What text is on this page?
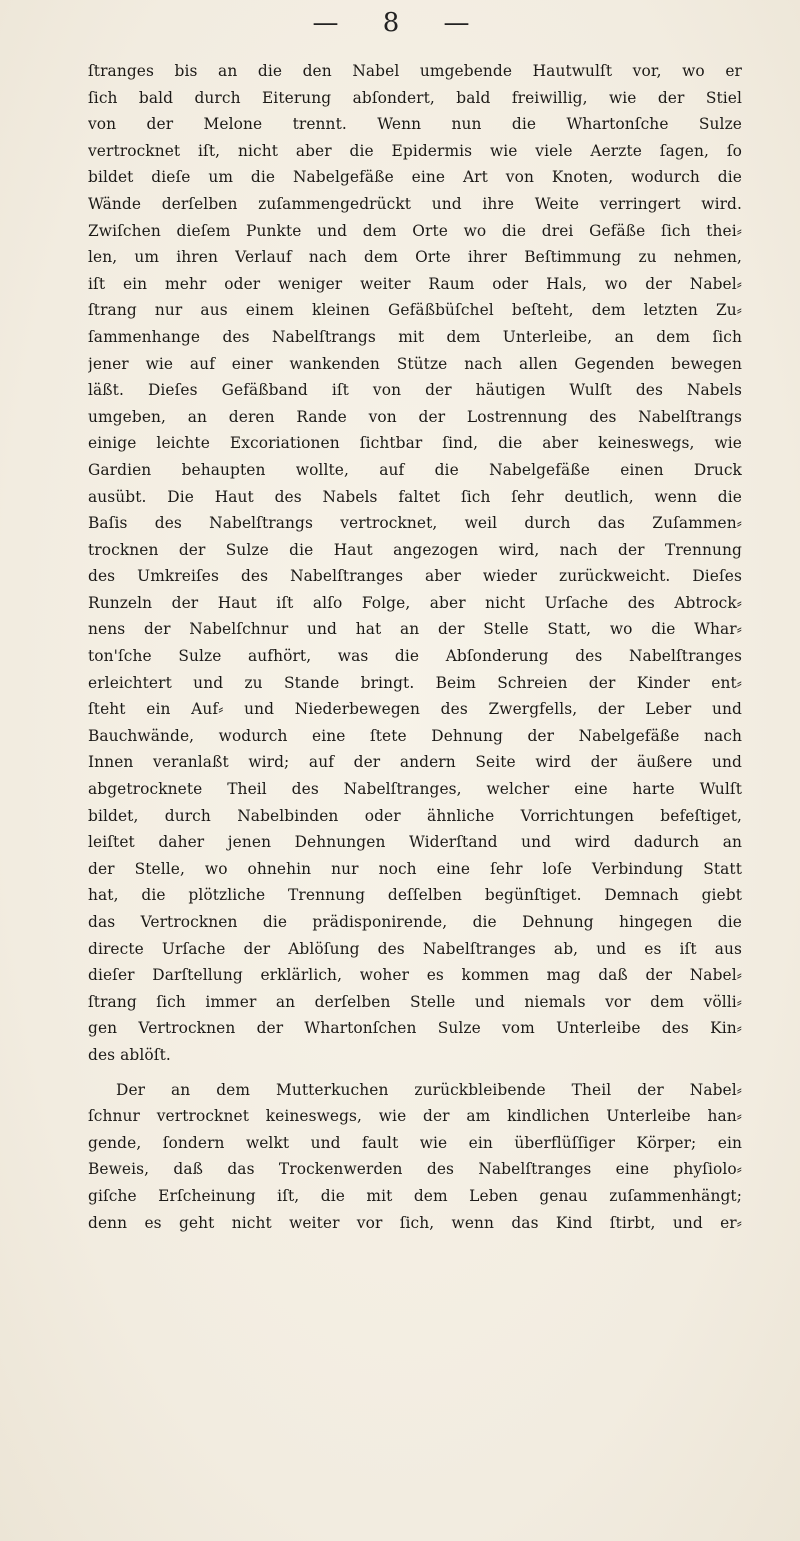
— 8 —
ſtranges bis an die den Nabel umgebende Hautwulſt vor, wo er
ſich bald durch Eiterung abſondert, bald freiwillig, wie der Stiel
von der Melone trennt. Wenn nun die Whartonſche Sulze
vertrocknet iſt, nicht aber die Epidermis wie viele Aerzte ſagen, ſo
bildet dieſe um die Nabelgefäße eine Art von Knoten, wodurch die
Wände derſelben zuſammengedrückt und ihre Weite verringert wird.
Zwiſchen dieſem Punkte und dem Orte wo die drei Gefäße ſich thei⸗
len, um ihren Verlauf nach dem Orte ihrer Beſtimmung zu nehmen,
iſt ein mehr oder weniger weiter Raum oder Hals, wo der Nabel⸗
ſtrang nur aus einem kleinen Gefäßbüſchel beſteht, dem letzten Zu⸗
ſammenhange des Nabelſtrangs mit dem Unterleibe, an dem ſich
jener wie auf einer wankenden Stütze nach allen Gegenden bewegen
läßt. Dieſes Gefäßband iſt von der häutigen Wulſt des Nabels
umgeben, an deren Rande von der Lostrennung des Nabelſtrangs
einige leichte Excoriationen ſichtbar ſind, die aber keineswegs, wie
Gardien behaupten wollte, auf die Nabelgefäße einen Druck
ausübt. Die Haut des Nabels faltet ſich ſehr deutlich, wenn die
Baſis des Nabelſtrangs vertrocknet, weil durch das Zuſammen⸗
trocknen der Sulze die Haut angezogen wird, nach der Trennung
des Umkreiſes des Nabelſtranges aber wieder zurückweicht. Dieſes
Runzeln der Haut iſt alſo Folge, aber nicht Urſache des Abtrock⸗
nens der Nabelſchnur und hat an der Stelle Statt, wo die Whar⸗
ton'ſche Sulze aufhört, was die Abſonderung des Nabelſtranges
erleichtert und zu Stande bringt. Beim Schreien der Kinder ent⸗
ſteht ein Auf⸗ und Niederbewegen des Zwergfells, der Leber und
Bauchwände, wodurch eine ſtete Dehnung der Nabelgefäße nach
Innen veranlaßt wird; auf der andern Seite wird der äußere und
abgetrocknete Theil des Nabelſtranges, welcher eine harte Wulſt
bildet, durch Nabelbinden oder ähnliche Vorrichtungen befeſtiget,
leiſtet daher jenen Dehnungen Widerſtand und wird dadurch an
der Stelle, wo ohnehin nur noch eine ſehr loſe Verbindung Statt
hat, die plötzliche Trennung deſſelben begünſtiget. Demnach giebt
das Vertrocknen die prädisponirende, die Dehnung hingegen die
directe Urſache der Ablöſung des Nabelſtranges ab, und es iſt aus
dieſer Darſtellung erklärlich, woher es kommen mag daß der Nabel⸗
ſtrang ſich immer an derſelben Stelle und niemals vor dem völli⸗
gen Vertrocknen der Whartonſchen Sulze vom Unterleibe des Kin⸗
des ablöſt.
Der an dem Mutterkuchen zurückbleibende Theil der Nabel⸗
ſchnur vertrocknet keineswegs, wie der am kindlichen Unterleibe han⸗
gende, ſondern welkt und fault wie ein überflüſſiger Körper; ein
Beweis, daß das Trockenwerden des Nabelſtranges eine phyſiolo⸗
giſche Erſcheinung iſt, die mit dem Leben genau zuſammenhängt;
denn es geht nicht weiter vor ſich, wenn das Kind ſtirbt, und er⸗
